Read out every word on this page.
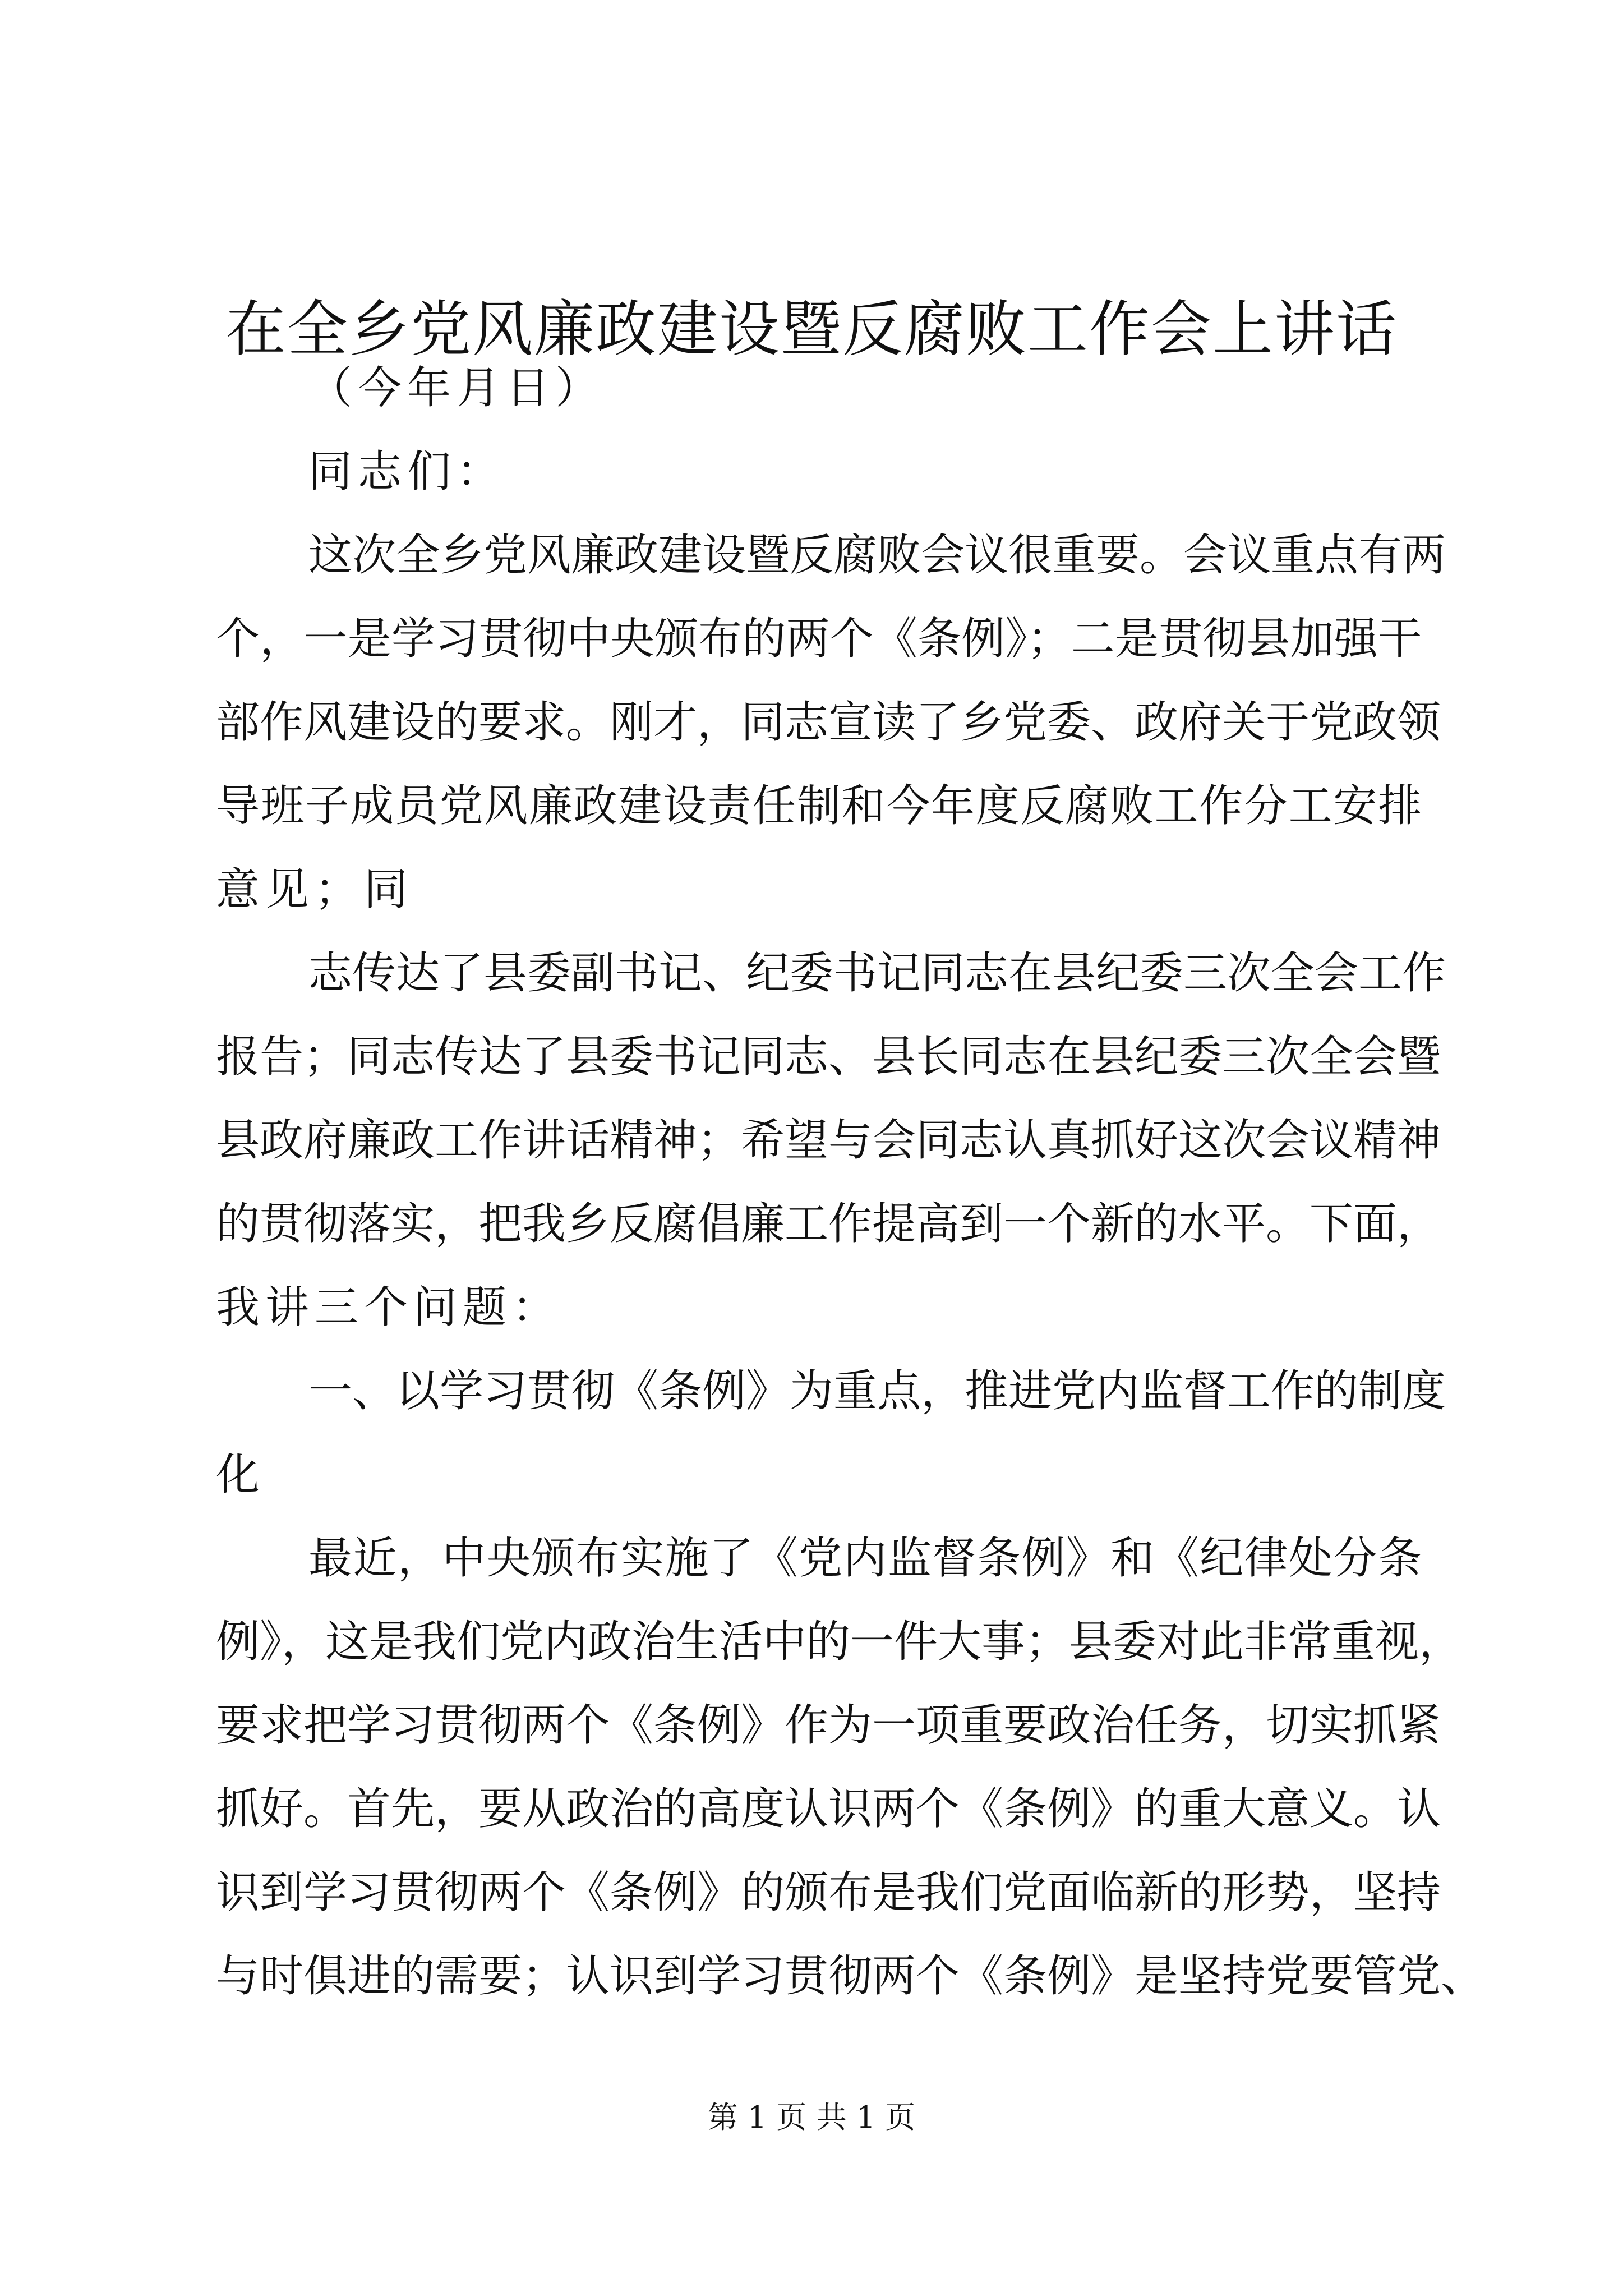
在全乡党风廉政建设暨反腐败工作会上讲话
（今年月日）
同志们：
这次全乡党风廉政建设暨反腐败会议很重要。会议重点有两
个，一是学习贯彻中央颁布的两个《条例》；二是贯彻县加强干
部作风建设的要求。刚才，同志宣读了乡党委、政府关于党政领
导班子成员党风廉政建设责任制和今年度反腐败工作分工安排
意见；同
志传达了县委副书记、纪委书记同志在县纪委三次全会工作
报告；同志传达了县委书记同志、县长同志在县纪委三次全会暨
县政府廉政工作讲话精神；希望与会同志认真抓好这次会议精神
的贯彻落实，把我乡反腐倡廉工作提高到一个新的水平。下面，
我讲三个问题：
一、以学习贯彻《条例》为重点，推进党内监督工作的制度
化
最近，中央颁布实施了《党内监督条例》和《纪律处分条
例》，这是我们党内政治生活中的一件大事；县委对此非常重视，
要求把学习贯彻两个《条例》作为一项重要政治任务，切实抓紧
抓好。首先，要从政治的高度认识两个《条例》的重大意义。认
识到学习贯彻两个《条例》的颁布是我们党面临新的形势，坚持
与时俱进的需要；认识到学习贯彻两个《条例》是坚持党要管党、
第 1 页 共 1 页
